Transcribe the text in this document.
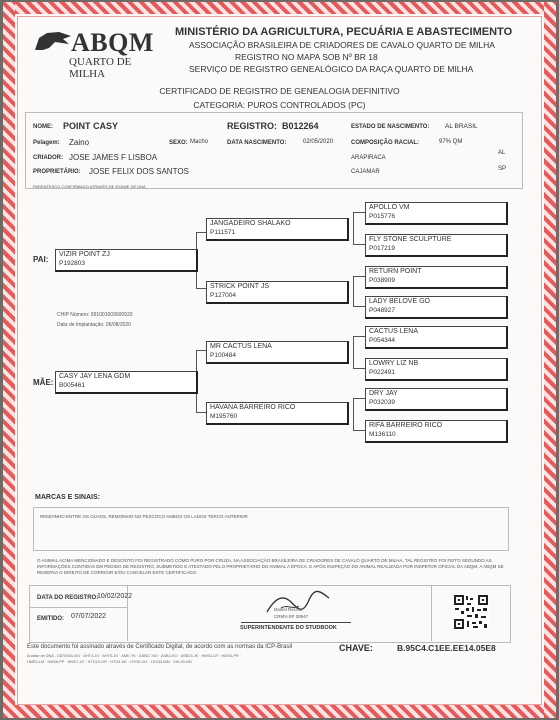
ABQM
QUARTO DE MILHA
MINISTÉRIO DA AGRICULTURA, PECUÁRIA E ABASTECIMENTO
ASSOCIAÇÃO BRASILEIRA DE CRIADORES DE CAVALO QUARTO DE MILHA
REGISTRO NO MAPA SOB Nº BR 18
SERVIÇO DE REGISTRO GENEALÓGICO DA RAÇA QUARTO DE MILHA
CERTIFICADO DE REGISTRO DE GENEALOGIA DEFINITIVO
CATEGORIA: PUROS CONTROLADOS (PC)
NOME: POINT CASY	REGISTRO: B012264	ESTADO DE NASCIMENTO: AL BRASIL
Pelagem: Zaino	SEXO: Macho	DATA NASCIMENTO:	02/05/2020	COMPOSIÇÃO RACIAL:	97% QM
CRIADOR: JOSE JAMES F LISBOA	ARAPIRACA
AL
PROPRIETÁRIO: JOSE FELIX DOS SANTOS	CAJAMAR	SP
PARENTESCO CONFIRMADO ATRAVÉS DE EXAME DE DNA
PAI:
VIZIR POINT ZJ
P192803
CHIP Número: 991001003600933
Data de Implantação: 06/08/2020
MÃE:
CASY JAY LENA GDM
B005461
JANGADEIRO SHALAKO
P111571
STRICK POINT JS
P127004
MR CACTUS LENA
P100484
HAVANA BARREIRO RICO
M195760
APOLLO VM
P015776
FLY STONE SCULPTURE
P017219
RETURN POINT
P038909
LADY BELOVE GO
P048927
CACTUS LENA
P054344
LOWRY LIZ NB
P022491
DRY JAY
P032039
RIFA BARREIRO RICO
M136110
MARCAS E SINAIS:
REMOINHO ENTRE OS OLHOS, REMOINHO NO PESCOCO AMBOS OS LADOS TERCO ANTERIOR
O ANIMAL ACIMA MENCIONADO E DESCRITO FOI REGISTRADO COMO PURO POR CRUZA, NA ASSOCIAÇÃO BRASILEIRA DE CRIADORES DE CAVALO QUARTO DE MILHA, TAL REGISTRO FOI FEITO SEGUNDO AS INFORMAÇÕES CONTIDAS EM PEDIDO DE REGISTRO, SUBMETIDO E ATESTADO PELO PROPRIETÁRIO DO ANIMAL A ÉPOCA, E APÓS INSPEÇÃO DO ANIMAL REALIZADA POR INSPETOR OFICIAL DA ABQM. A ABQM SE RESERVA O DIREITO DE CORRIGIR E/OU CANCELAR ESTE CERTIFICADO.
DATA DO REGISTRO:
10/02/2022
EMITIDO: 07/07/2022
Daniel Rechia
CRMV-SP 28947
SUPERINTENDENTE DO STUDBOOK
Este documento foi assinado através de Certificado Digital, de acordo com as normas da ICP-Brasil	CHAVE:	B.95C4.C1EE.EE14.05E8
Analise de DNA - G870933-001 · AHT4-JO · AHT5-JO · AME-YK · ASB17-NO · ASB2-KO · ASB23-JK · HMS2-LR · HMS3-PR ·
HMS3-LM · HMS6-PP · HMS7-JO · HTG10-OR · HTG4-KK · HTG6-OO · LEX33-MM · VHL20-NN
